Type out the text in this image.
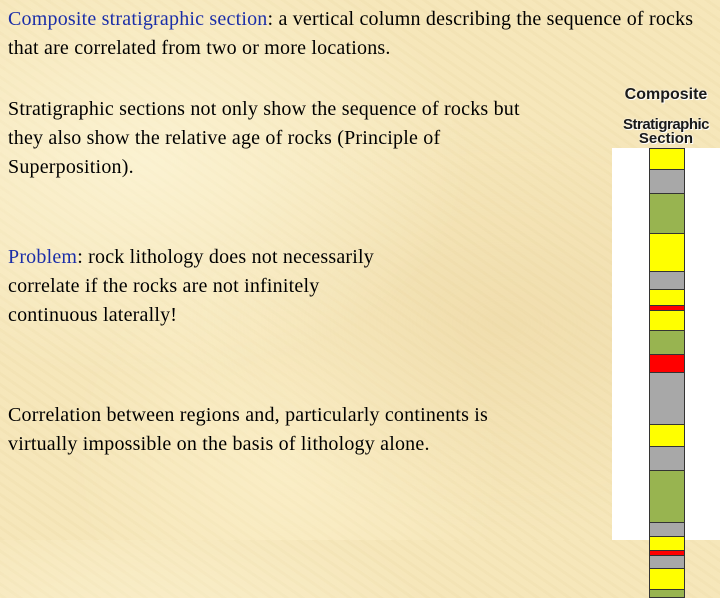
Composite stratigraphic section: a vertical column describing the sequence of rocks that are correlated from two or more locations.
Stratigraphic sections not only show the sequence of rocks but they also show the relative age of rocks (Principle of Superposition).
Problem: rock lithology does not necessarily correlate if the rocks are not infinitely continuous laterally!
Correlation between regions and, particularly continents is virtually impossible on the basis of lithology alone.
Composite
Stratigraphic
Section
